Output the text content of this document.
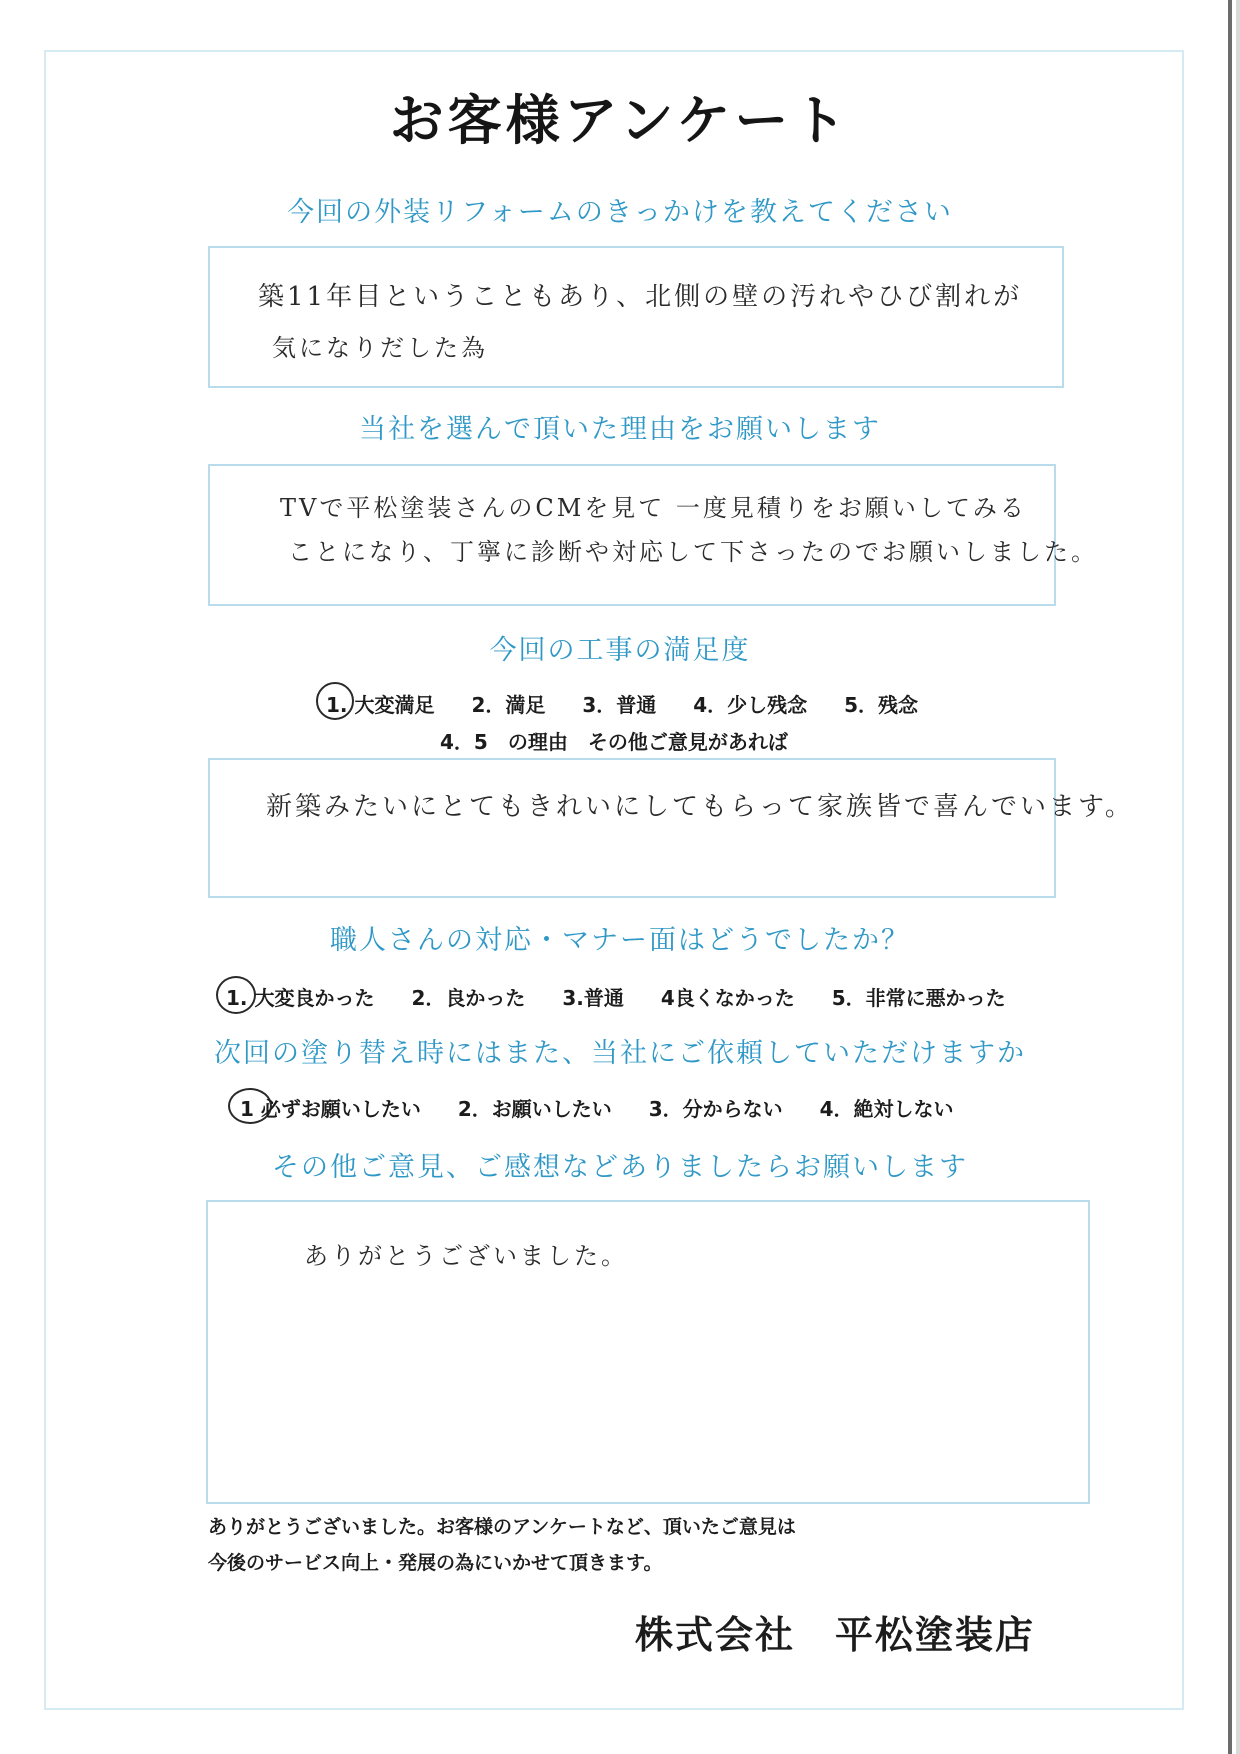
お客様アンケート
今回の外装リフォームのきっかけを教えてください
築11年目ということもあり、北側の壁の汚れやひび割れが
気になりだした為
当社を選んで頂いた理由をお願いします
TVで平松塗装さんのCMを見て 一度見積りをお願いしてみる
ことになり、丁寧に診断や対応して下さったのでお願いしました。
今回の工事の満足度
1. 大変満足 2．満足 3．普通 4．少し残念 5．残念
4．5　の理由　その他ご意見があれば
新築みたいにとてもきれいにしてもらって家族皆で喜んでいます。
職人さんの対応・マナー面はどうでしたか？
1. 大変良かった 2．良かった 3.普通 4良くなかった 5．非常に悪かった
次回の塗り替え時にはまた、当社にご依頼していただけますか
1 必ずお願いしたい 2．お願いしたい 3．分からない 4．絶対しない
その他ご意見、ご感想などありましたらお願いします
ありがとうございました。
ありがとうございました。お客様のアンケートなど、頂いたご意見は
今後のサービス向上・発展の為にいかせて頂きます。
株式会社 平松塗装店
